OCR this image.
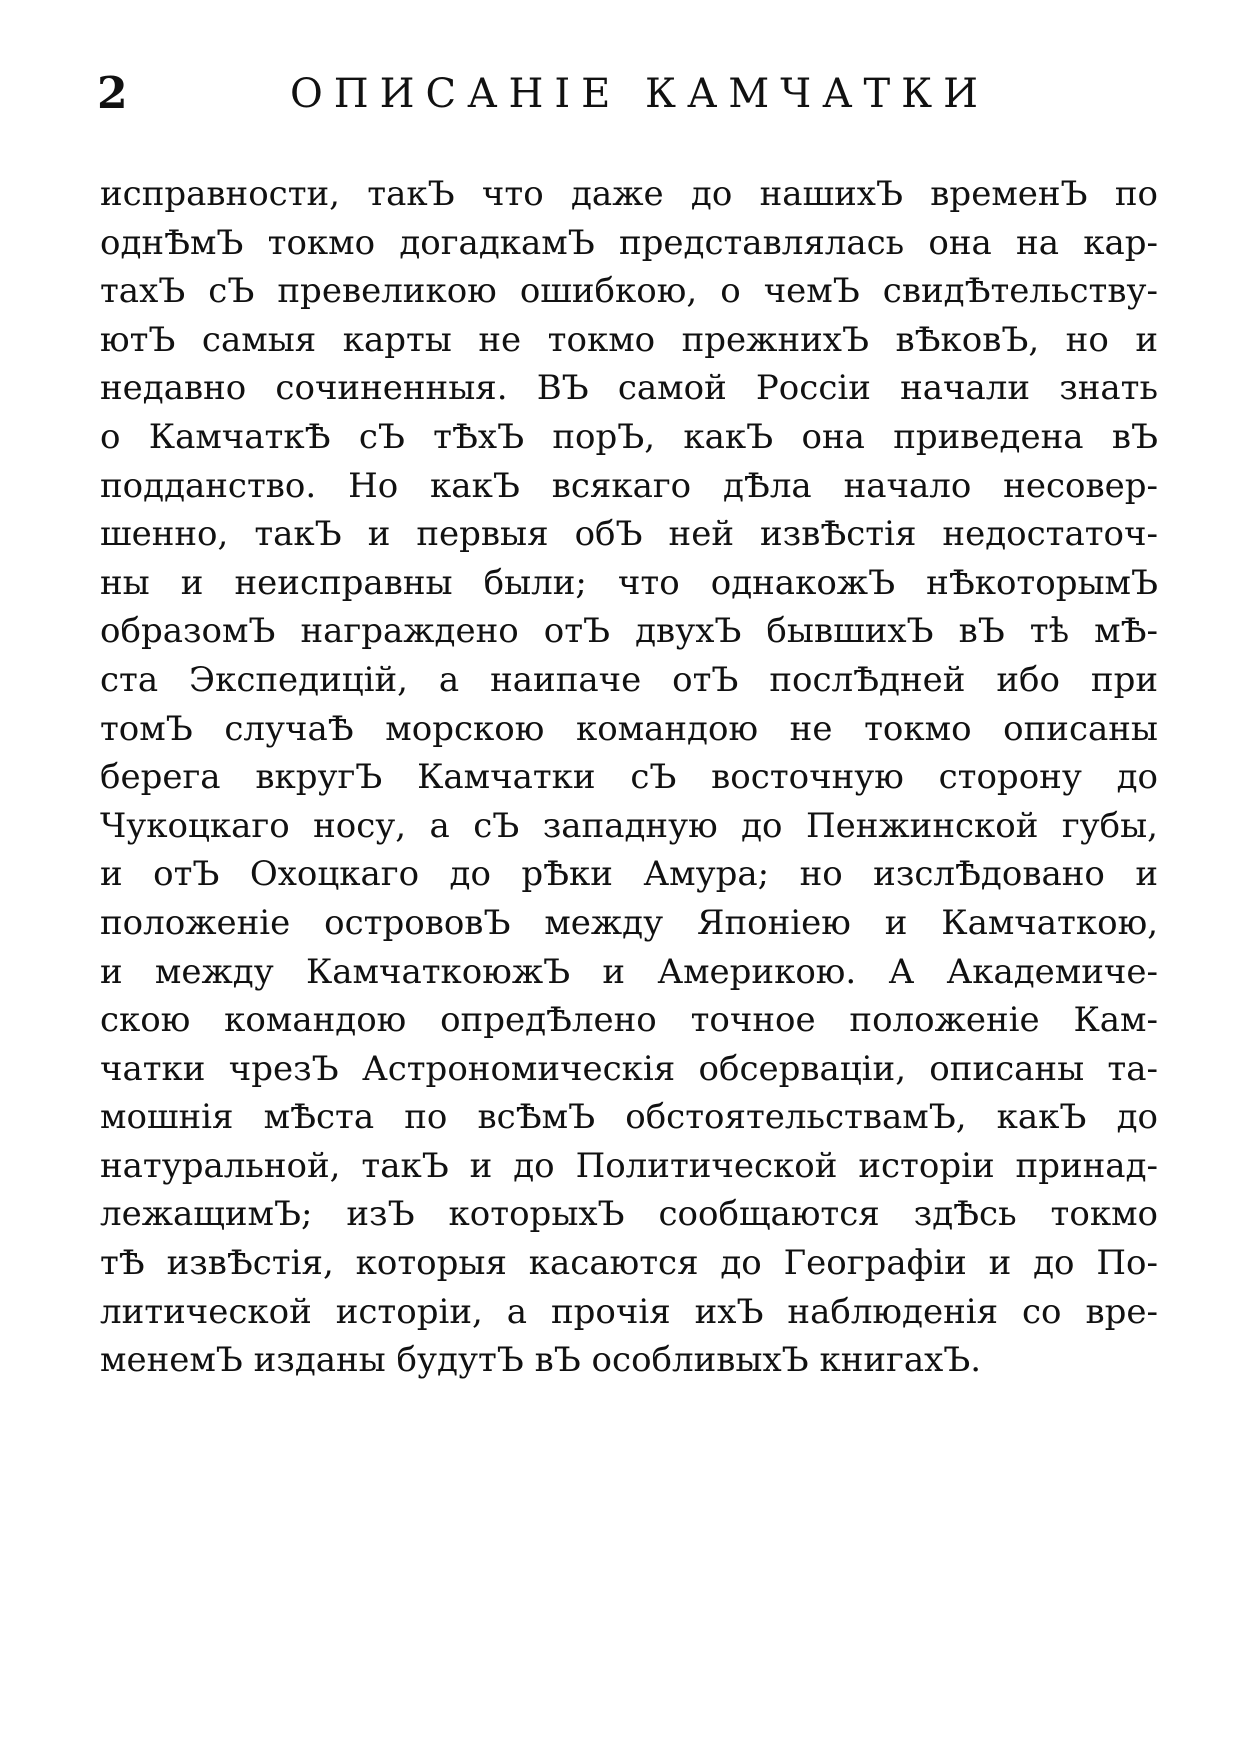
2	ОПИСАНІЕ КАМЧАТКИ
исправности, такЪ что даже до нашихЪ временЪ по
однѢмЪ токмо догадкамЪ представлялась она на кар-
тахЪ сЪ превеликою ошибкою, о чемЪ свидѢтельству-
ютЪ самыя карты не токмо прежнихЪ вѢковЪ, но и
недавно сочиненныя. ВЪ самой Россіи начали знать
о КамчаткѢ сЪ тѢхЪ порЪ, какЪ она приведена вЪ
подданство. Но какЪ всякаго дѢла начало несовер-
шенно, такЪ и первыя обЪ ней извѢстія недостаточ-
ны и неисправны были; что однакожЪ нѢкоторымЪ
образомЪ награждено отЪ двухЪ бывшихЪ вЪ тѣ мѢ-
ста Экспедицій, а наипаче отЪ послѢдней ибо при
томЪ случаѢ морскою командою не токмо описаны
берега вкругЪ Камчатки сЪ восточную сторону до
Чукоцкаго носу, а сЪ западную до Пенжинской губы,
и отЪ Охоцкаго до рѢки Амура; но изслѢдовано и
положеніе острововЪ между Японіею и Камчаткою,
и между КамчаткоюжЪ и Америкою. А Академиче-
скою командою опредѢлено точное положеніе Кам-
чатки чрезЪ Астрономическія обсерваціи, описаны та-
мошнія мѢста по всѢмЪ обстоятельствамЪ, какЪ до
натуральной, такЪ и до Политической исторіи принад-
лежащимЪ; изЪ которыхЪ сообщаются здѢсь токмо
тѢ извѢстія, которыя касаются до Географіи и до По-
литической исторіи, а прочія ихЪ наблюденія со вре-
менемЪ изданы будутЪ вЪ особливыхЪ книгахЪ.
